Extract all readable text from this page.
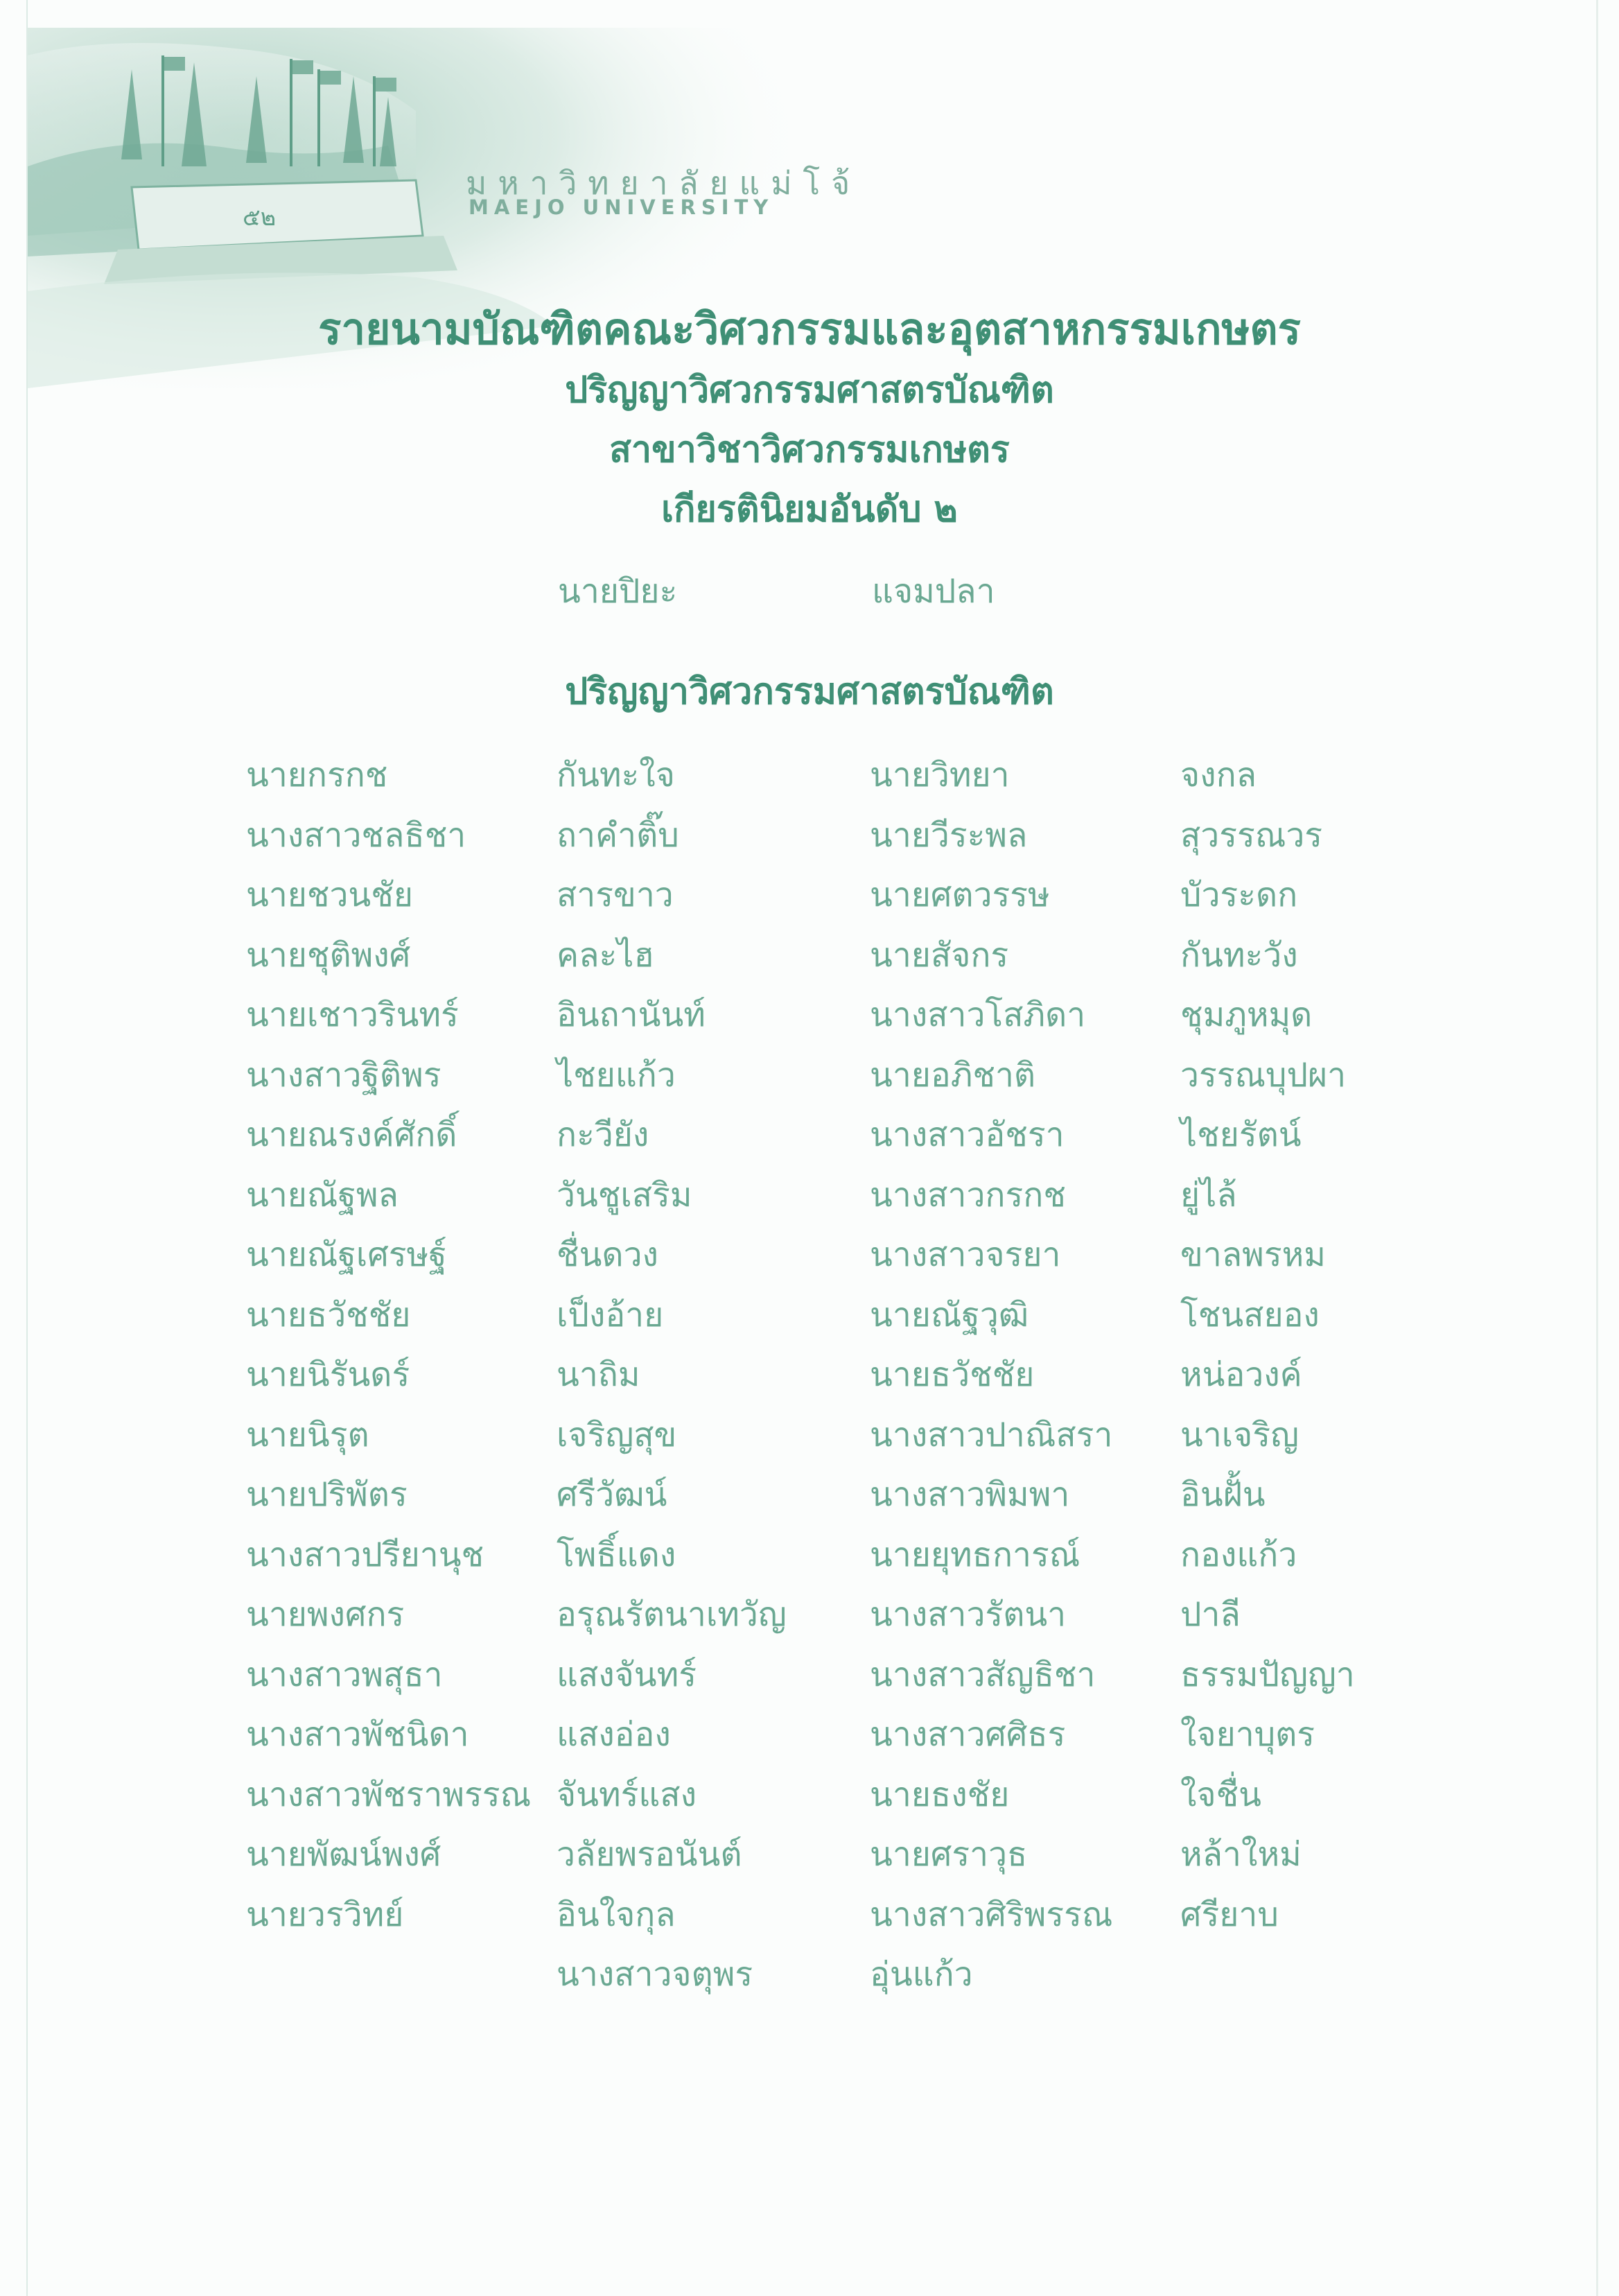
๕๒
มหาวิทยาลัยแม่โจ้
MAEJO UNIVERSITY
รายนามบัณฑิตคณะวิศวกรรมและอุตสาหกรรมเกษตร
ปริญญาวิศวกรรมศาสตรบัณฑิต
สาขาวิชาวิศวกรรมเกษตร
เกียรตินิยมอันดับ ๒
นายปิยะ	แจมปลา
ปริญญาวิศวกรรมศาสตรบัณฑิต
นายกรกช	กันทะใจ	นายวิทยา	จงกล
นางสาวชลธิชา	ถาคำติ๊บ	นายวีระพล	สุวรรณวร
นายชวนชัย	สารขาว	นายศตวรรษ	บัวระดก
นายชุติพงศ์	คละไฮ	นายสัจกร	กันทะวัง
นายเชาวรินทร์	อินถานันท์	นางสาวโสภิดา	ชุมภูหมุด
นางสาวฐิติพร	ไชยแก้ว	นายอภิชาติ	วรรณบุปผา
นายณรงค์ศักดิ์	กะวียัง	นางสาวอัชรา	ไชยรัตน์
นายณัฐพล	วันชูเสริม	นางสาวกรกช	ยู่ไล้
นายณัฐเศรษฐ์	ชื่นดวง	นางสาวจรยา	ขาลพรหม
นายธวัชชัย	เป็งอ้าย	นายณัฐวุฒิ	โชนสยอง
นายนิรันดร์	นาถิม	นายธวัชชัย	หน่อวงค์
นายนิรุต	เจริญสุข	นางสาวปาณิสรา	นาเจริญ
นายปริพัตร	ศรีวัฒน์	นางสาวพิมพา	อินฝั้น
นางสาวปรียานุช	โพธิ์แดง	นายยุทธการณ์	กองแก้ว
นายพงศกร	อรุณรัตนาเทวัญ	นางสาวรัตนา	ปาลี
นางสาวพสุธา	แสงจันทร์	นางสาวสัญธิชา	ธรรมปัญญา
นางสาวพัชนิดา	แสงอ่อง	นางสาวศศิธร	ใจยาบุตร
นางสาวพัชราพรรณ	จันทร์แสง	นายธงชัย	ใจชื่น
นายพัฒน์พงศ์	วลัยพรอนันต์	นายศราวุธ	หล้าใหม่
นายวรวิทย์	อินใจกุล	นางสาวศิริพรรณ	ศรียาบ
	นางสาวจตุพร	อุ่นแก้ว	
